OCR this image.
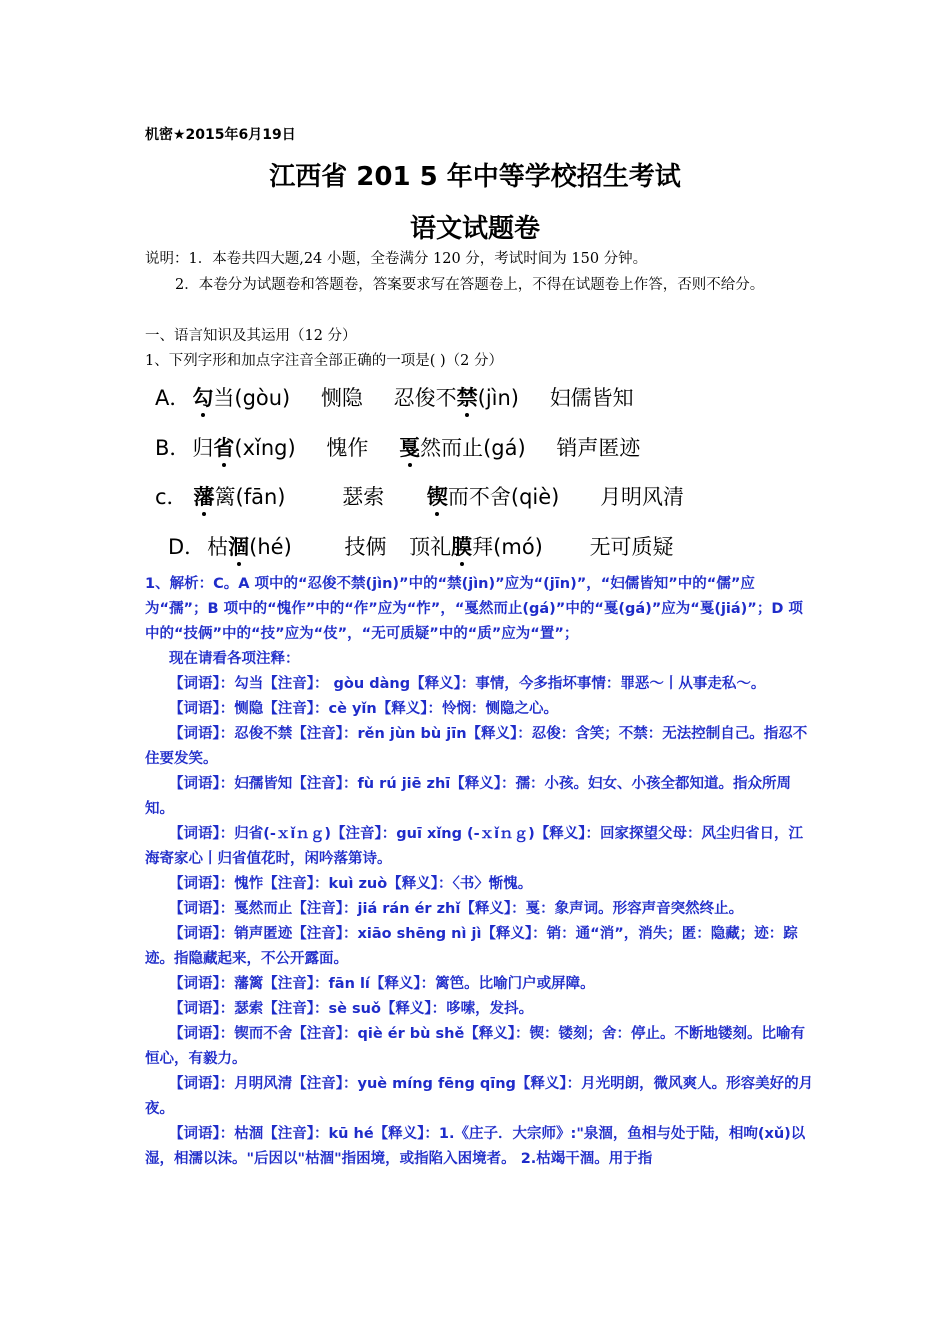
机密★2015年6月19日
江西省 201 5 年中等学校招生考试
语文试题卷
说明：1．本卷共四大题,24 小题，全卷满分 120 分，考试时间为 150 分钟。
2．本卷分为试题卷和答题卷，答案要求写在答题卷上，不得在试题卷上作答，否则不给分。
一、语言知识及其运用（12 分）
1、下列字形和加点字注音全部正确的一项是( )（2 分）
A．勾当(gòu) 恻隐 忍俊不禁(jìn) 妇儒皆知
B．归省(xǐng) 愧作 戛然而止(gá) 销声匿迹
c． 藩篱(fān)	瑟索 锲而不舍(qiè) 月明风清
D．枯涸(hé)	技俩 顶礼膜拜(mó) 无可质疑

1、解析：C。A 项中的“忍俊不禁(jìn)”中的“禁(jìn)”应为“(jīn)”，“妇儒皆知”中的“儒”应为“孺”；B 项中的“愧作”中的“作”应为“怍”，“戛然而止(gá)”中的“戛(gá)”应为“戛(jiá)”；D 项中的“技俩”中的“技”应为“伎”，“无可质疑”中的“质”应为“置”；

现在请看各项注释：

【词语】：勾当【注音】： gòu dàng【释义】：事情，今多指坏事情：罪恶～丨从事走私～。

【词语】：恻隐【注音】：cè yǐn【释义】：怜悯：恻隐之心。

【词语】：忍俊不禁【注音】：rěn jùn bù jīn【释义】：忍俊：含笑；不禁：无法控制自己。指忍不住要发笑。

【词语】：妇孺皆知【注音】：fù rú jiē zhī【释义】：孺：小孩。妇女、小孩全都知道。指众所周知。

【词语】：归省(-ｘǐｎｇ)【注音】：guī xǐng (-ｘǐｎｇ)【释义】：回家探望父母：风尘归省日，江海寄家心丨归省值花时，闲吟落第诗。

【词语】：愧怍【注音】：kuì zuò【释义】：〈书〉惭愧。

【词语】：戛然而止【注音】：jiá rán ér zhǐ【释义】：戛：象声词。形容声音突然终止。

【词语】：销声匿迹【注音】：xiāo shēng nì jì【释义】：销：通“消”，消失；匿：隐藏；迹：踪迹。指隐藏起来，不公开露面。

【词语】：藩篱【注音】：fān lí【释义】：篱笆。比喻门户或屏障。

【词语】：瑟索【注音】：sè suǒ【释义】：哆嗦，发抖。

【词语】：锲而不舍【注音】：qiè ér bù shě【释义】：锲：镂刻；舍：停止。不断地镂刻。比喻有恒心，有毅力。

【词语】：月明风清【注音】：yuè míng fēng qīng【释义】：月光明朗，微风爽人。形容美好的月夜。

【词语】：枯涸【注音】：kū hé【释义】：1.《庄子．大宗师》:"泉涸，鱼相与处于陆，相呴(xǔ)以湿，相濡以沫。"后因以"枯涸"指困境，或指陷入困境者。 2.枯竭干涸。用于指
